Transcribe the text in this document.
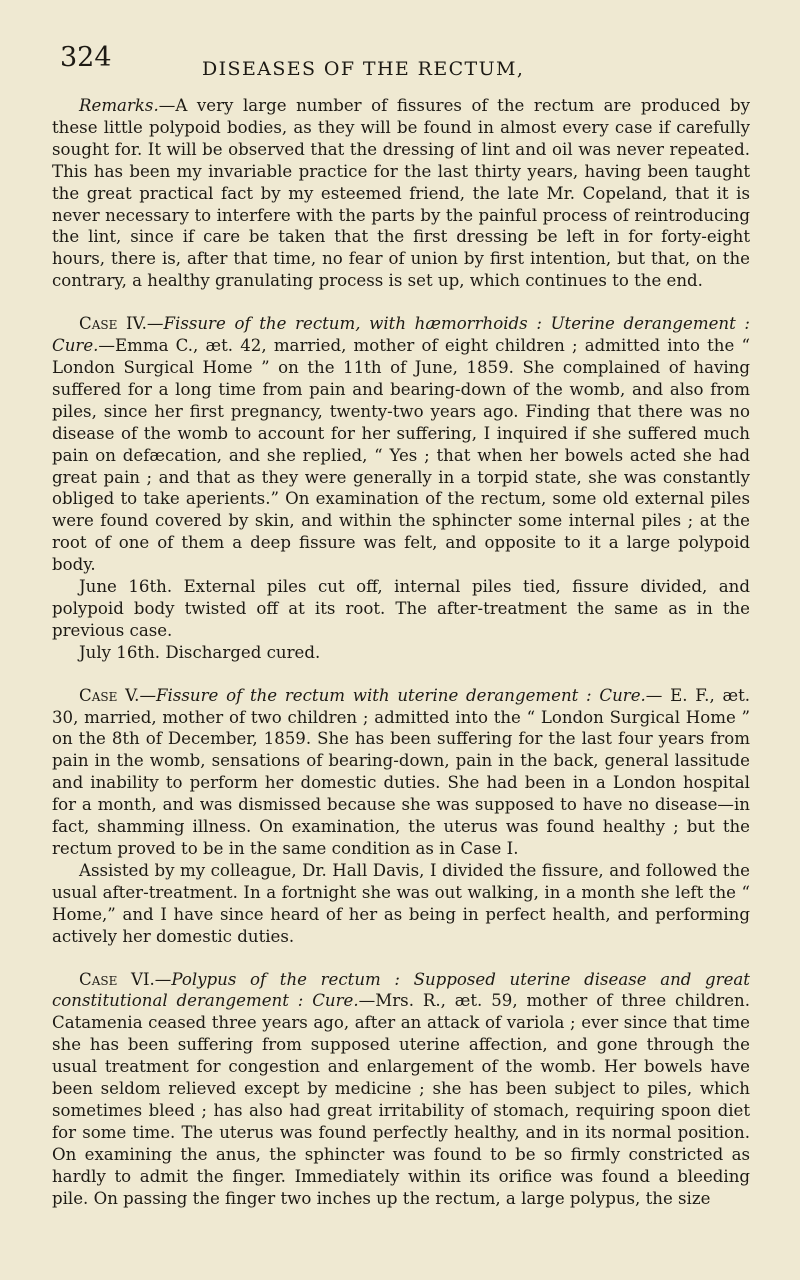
324	DISEASES OF THE RECTUM,

Remarks.—A very large number of fissures of the rectum are produced by these little polypoid bodies, as they will be found in almost every case if carefully sought for. It will be observed that the dressing of lint and oil was never repeated. This has been my invariable practice for the last thirty years, having been taught the great practical fact by my esteemed friend, the late Mr. Copeland, that it is never necessary to interfere with the parts by the painful process of reintroducing the lint, since if care be taken that the first dressing be left in for forty-eight hours, there is, after that time, no fear of union by first intention, but that, on the contrary, a healthy granulating process is set up, which continues to the end.

Case IV.—Fissure of the rectum, with hæmorrhoids : Uterine derangement : Cure.—Emma C., æt. 42, married, mother of eight children ; admitted into the “ London Surgical Home ” on the 11th of June, 1859. She complained of having suffered for a long time from pain and bearing-down of the womb, and also from piles, since her first pregnancy, twenty-two years ago. Finding that there was no disease of the womb to account for her suffering, I inquired if she suffered much pain on defæcation, and she replied, “ Yes ; that when her bowels acted she had great pain ; and that as they were generally in a torpid state, she was constantly obliged to take aperients.” On examination of the rectum, some old external piles were found covered by skin, and within the sphincter some internal piles ; at the root of one of them a deep fissure was felt, and opposite to it a large polypoid body.

June 16th. External piles cut off, internal piles tied, fissure divided, and polypoid body twisted off at its root. The after-treatment the same as in the previous case.

July 16th. Discharged cured.

Case V.—Fissure of the rectum with uterine derangement : Cure.— E. F., æt. 30, married, mother of two children ; admitted into the “ London Surgical Home ” on the 8th of December, 1859. She has been suffering for the last four years from pain in the womb, sensations of bearing-down, pain in the back, general lassitude and inability to perform her domestic duties. She had been in a London hospital for a month, and was dismissed because she was supposed to have no disease—in fact, shamming illness. On examination, the uterus was found healthy ; but the rectum proved to be in the same condition as in Case I.

Assisted by my colleague, Dr. Hall Davis, I divided the fissure, and followed the usual after-treatment. In a fortnight she was out walking, in a month she left the “ Home,” and I have since heard of her as being in perfect health, and performing actively her domestic duties.

Case VI.—Polypus of the rectum : Supposed uterine disease and great constitutional derangement : Cure.—Mrs. R., æt. 59, mother of three children. Catamenia ceased three years ago, after an attack of variola ; ever since that time she has been suffering from supposed uterine affection, and gone through the usual treatment for congestion and enlargement of the womb. Her bowels have been seldom relieved except by medicine ; she has been subject to piles, which sometimes bleed ; has also had great irritability of stomach, requiring spoon diet for some time. The uterus was found perfectly healthy, and in its normal position. On examining the anus, the sphincter was found to be so firmly constricted as hardly to admit the finger. Immediately within its orifice was found a bleeding pile. On passing the finger two inches up the rectum, a large polypus, the size
